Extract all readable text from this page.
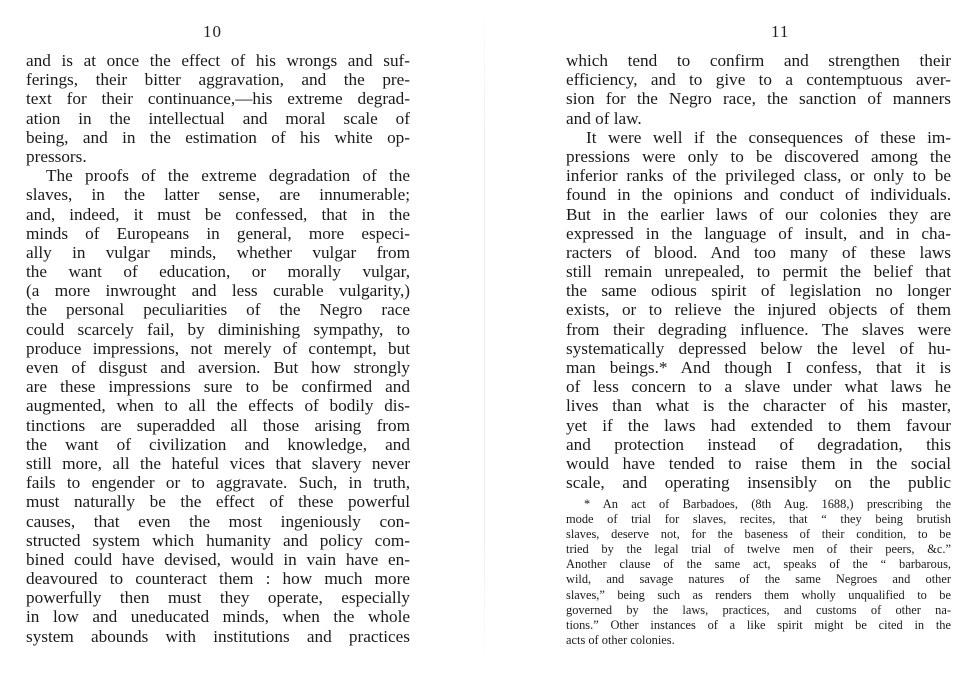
10
and is at once the effect of his wrongs and suf-
ferings, their bitter aggravation, and the pre-
text for their continuance,—his extreme degrad-
ation in the intellectual and moral scale of
being, and in the estimation of his white op-
pressors.
The proofs of the extreme degradation of the
slaves, in the latter sense, are innumerable;
and, indeed, it must be confessed, that in the
minds of Europeans in general, more especi-
ally in vulgar minds, whether vulgar from
the want of education, or morally vulgar,
(a more inwrought and less curable vulgarity,)
the personal peculiarities of the Negro race
could scarcely fail, by diminishing sympathy, to
produce impressions, not merely of contempt, but
even of disgust and aversion. But how strongly
are these impressions sure to be confirmed and
augmented, when to all the effects of bodily dis-
tinctions are superadded all those arising from
the want of civilization and knowledge, and
still more, all the hateful vices that slavery never
fails to engender or to aggravate. Such, in truth,
must naturally be the effect of these powerful
causes, that even the most ingeniously con-
structed system which humanity and policy com-
bined could have devised, would in vain have en-
deavoured to counteract them : how much more
powerfully then must they operate, especially
in low and uneducated minds, when the whole
system abounds with institutions and practices
11
which tend to confirm and strengthen their
efficiency, and to give to a contemptuous aver-
sion for the Negro race, the sanction of manners
and of law.
It were well if the consequences of these im-
pressions were only to be discovered among the
inferior ranks of the privileged class, or only to be
found in the opinions and conduct of individuals.
But in the earlier laws of our colonies they are
expressed in the language of insult, and in cha-
racters of blood. And too many of these laws
still remain unrepealed, to permit the belief that
the same odious spirit of legislation no longer
exists, or to relieve the injured objects of them
from their degrading influence. The slaves were
systematically depressed below the level of hu-
man beings.* And though I confess, that it is
of less concern to a slave under what laws he
lives than what is the character of his master,
yet if the laws had extended to them favour
and protection instead of degradation, this
would have tended to raise them in the social
scale, and operating insensibly on the public
* An act of Barbadoes, (8th Aug. 1688,) prescribing the
mode of trial for slaves, recites, that “ they being brutish
slaves, deserve not, for the baseness of their condition, to be
tried by the legal trial of twelve men of their peers, &c.”
Another clause of the same act, speaks of the “ barbarous,
wild, and savage natures of the same Negroes and other
slaves,” being such as renders them wholly unqualified to be
governed by the laws, practices, and customs of other na-
tions.” Other instances of a like spirit might be cited in the
acts of other colonies.
